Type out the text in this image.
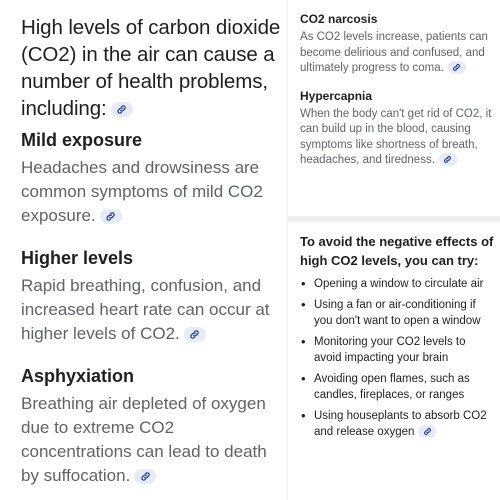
High levels of carbon dioxide (CO2) in the air can cause a number of health problems, including:
Mild exposure
Headaches and drowsiness are
common symptoms of mild CO2
exposure.
Higher levels
Rapid breathing, confusion, and
increased heart rate can occur at
higher levels of CO2.
Asphyxiation
Breathing air depleted of oxygen
due to extreme CO2
concentrations can lead to death
by suffocation.
CO2 narcosis
As CO2 levels increase, patients can become delirious and confused, and ultimately progress to coma.
Hypercapnia
When the body can't get rid of CO2, it can build up in the blood, causing symptoms like shortness of breath, headaches, and tiredness.
To avoid the negative effects of high CO2 levels, you can try:
• Opening a window to circulate air
• Using a fan or air-conditioning if you don't want to open a window
• Monitoring your CO2 levels to avoid impacting your brain
• Avoiding open flames, such as candles, fireplaces, or ranges
• Using houseplants to absorb CO2 and release oxygen
